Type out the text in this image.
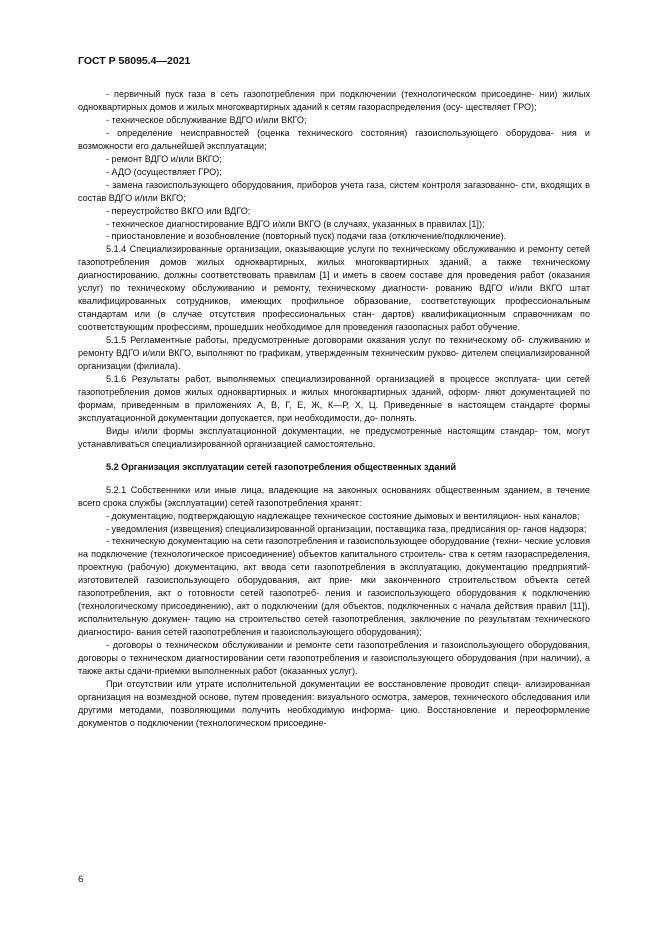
ГОСТ Р 58095.4—2021

- первичный пуск газа в сеть газопотребления при подключении (технологическом присоедине- нии) жилых одноквартирных домов и жилых многоквартирных зданий к сетям газораспределения (осу- ществляет ГРО);

- техническое обслуживание ВДГО и/или ВКГО;

- определение неисправностей (оценка технического состояния) газоиспользующего оборудова- ния и возможности его дальнейшей эксплуатации;

- ремонт ВДГО и/или ВКГО;

- АДО (осуществляет ГРО);

- замена газоиспользующего оборудования, приборов учета газа, систем контроля загазованно- сти, входящих в состав ВДГО и/или ВКГО;

- переустройство ВКГО или ВДГО;

- техническое диагностирование ВДГО и/или ВКГО (в случаях, указанных в правилах [1]);

- приостановление и возобновление (повторный пуск) подачи газа (отключение/подключение).

5.1.4 Специализированные организации, оказывающие услуги по техническому обслуживанию и ремонту сетей газопотребления домов жилых одноквартирных, жилых многоквартирных зданий, а также техническому диагностированию, должны соответствовать правилам [1] и иметь в своем составе для проведения работ (оказания услуг) по техническому обслуживанию и ремонту, техническому диагности- рованию ВДГО и/или ВКГО штат квалифицированных сотрудников, имеющих профильное образование, соответствующих профессиональным стандартам или (в случае отсутствия профессиональных стан- дартов) квалификационным справочникам по соответствующим профессиям, прошедших необходимое для проведения газоопасных работ обучение.

5.1.5 Регламентные работы, предусмотренные договорами оказания услуг по техническому об- служиванию и ремонту ВДГО и/или ВКГО, выполняют по графикам, утвержденным техническим руково- дителем специализированной организации (филиала).

5.1.6 Результаты работ, выполняемых специализированной организацией в процессе эксплуата- ции сетей газопотребления домов жилых одноквартирных и жилых многоквартирных зданий, оформ- ляют документацией по формам, приведенным в приложениях А, В, Г, Е, Ж, К—Р, Х, Ц. Приведенные в настоящем стандарте формы эксплуатационной документации допускается, при необходимости, до- полнять.

Виды и/или формы эксплуатационной документации, не предусмотренные настоящим стандар- том, могут устанавливаться специализированной организацией самостоятельно.

5.2 Организация эксплуатации сетей газопотребления общественных зданий

5.2.1 Собственники или иные лица, владеющие на законных основаниях общественным зданием, в течение всего срока службы (эксплуатации) сетей газопотребления хранят:

- документацию, подтверждающую надлежащее техническое состояние дымовых и вентиляцион- ных каналов;

- уведомления (извещения) специализированной организации, поставщика газа, предписания ор- ганов надзора;

- техническую документацию на сети газопотребления и газоиспользующее оборудование (техни- ческие условия на подключение (технологическое присоединение) объектов капитального строитель- ства к сетям газораспределения, проектную (рабочую) документацию, акт ввода сети газопотребления в эксплуатацию, документацию предприятий-изготовителей газоиспользующего оборудования, акт прие- мки законченного строительством объекта сетей газопотребления, акт о готовности сетей газопотреб- ления и газоиспользующего оборудования к подключению (технологическому присоединению), акт о подключении (для объектов, подключенных с начала действия правил [11]), исполнительную докумен- тацию на строительство сетей газопотребления, заключение по результатам технического диагностиро- вания сетей газопотребления и газоиспользующего оборудования);

- договоры о техническом обслуживании и ремонте сети газопотребления и газоиспользующего оборудования, договоры о техническом диагностировании сети газопотребления и газоиспользующего оборудования (при наличии), а также акты сдачи-приемки выполненных работ (оказанных услуг).

При отсутствии или утрате исполнительной документации ее восстановление проводит специ- ализированная организация на возмездной основе, путем проведения: визуального осмотра, замеров, технического обследования или другими методами, позволяющими получить необходимую информа- цию. Восстановление и переоформление документов о подключении (технологическом присоедине-

6
